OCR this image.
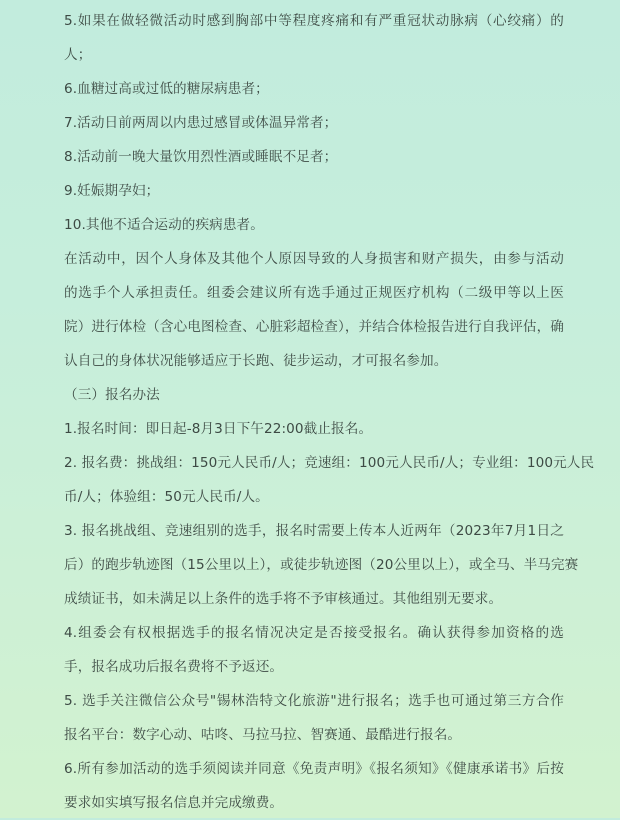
5.如果在做轻微活动时感到胸部中等程度疼痛和有严重冠状动脉病（心绞痛）的
人；
6.血糖过高或过低的糖尿病患者；
7.活动日前两周以内患过感冒或体温异常者；
8.活动前一晚大量饮用烈性酒或睡眠不足者；
9.妊娠期孕妇；
10.其他不适合运动的疾病患者。
在活动中，因个人身体及其他个人原因导致的人身损害和财产损失，由参与活动
的选手个人承担责任。组委会建议所有选手通过正规医疗机构（二级甲等以上医
院）进行体检（含心电图检查、心脏彩超检查），并结合体检报告进行自我评估，确
认自己的身体状况能够适应于长跑、徒步运动，才可报名参加。
（三）报名办法
1.报名时间：即日起-8月3日下午22:00截止报名。
2. 报名费：挑战组：150元人民币/人；竞速组：100元人民币/人；专业组：100元人民
币/人；体验组：50元人民币/人。
3. 报名挑战组、竞速组别的选手，报名时需要上传本人近两年（2023年7月1日之
后）的跑步轨迹图（15公里以上），或徒步轨迹图（20公里以上），或全马、半马完赛
成绩证书，如未满足以上条件的选手将不予审核通过。其他组别无要求。
4.组委会有权根据选手的报名情况决定是否接受报名。确认获得参加资格的选
手，报名成功后报名费将不予返还。
5. 选手关注微信公众号"锡林浩特文化旅游"进行报名；选手也可通过第三方合作
报名平台：数字心动、咕咚、马拉马拉、智赛通、最酷进行报名。
6.所有参加活动的选手须阅读并同意《免责声明》《报名须知》《健康承诺书》后按
要求如实填写报名信息并完成缴费。
